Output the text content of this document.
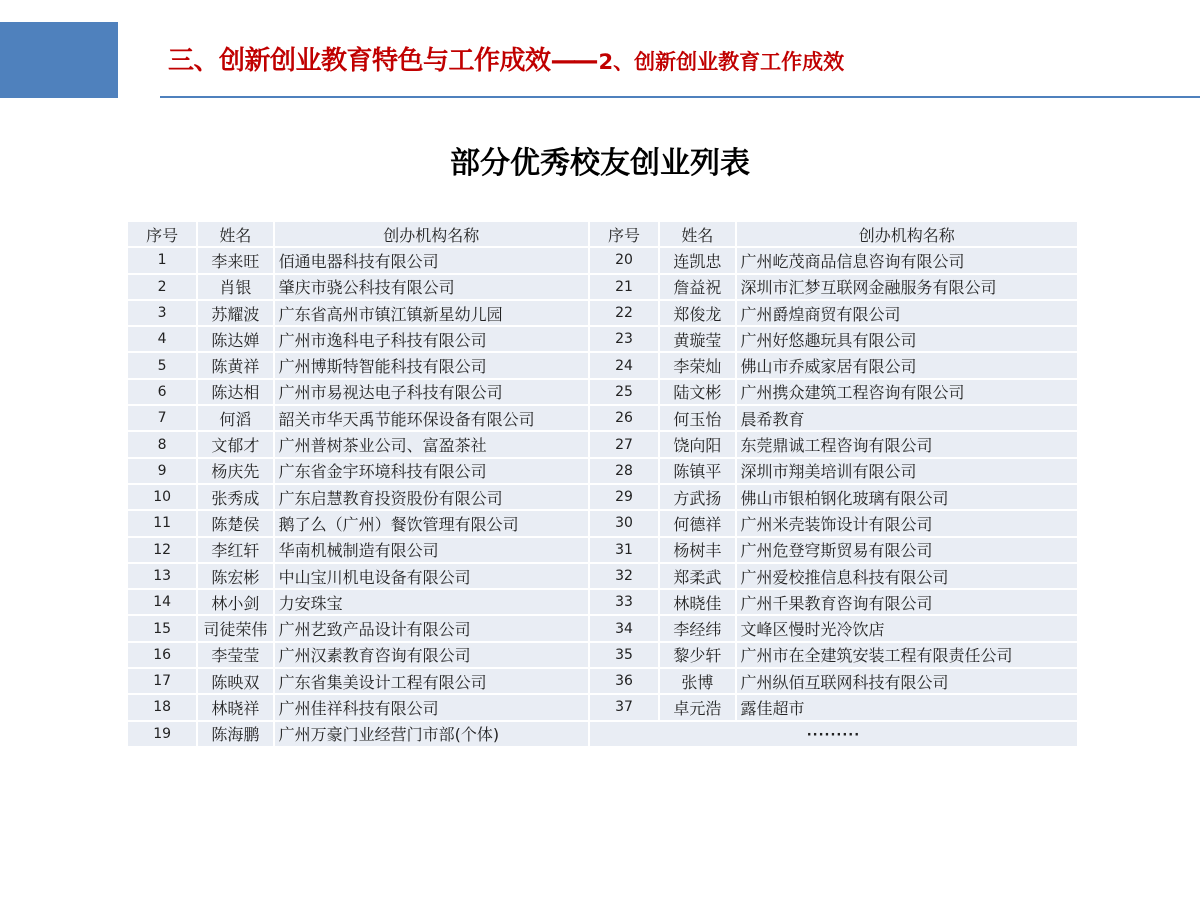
三、创新创业教育特色与工作成效 —— 2、创新创业教育工作成效
部分优秀校友创业列表
序号	姓名	创办机构名称	序号	姓名	创办机构名称
1	李来旺	佰通电器科技有限公司	20	连凯忠	广州屹茂商品信息咨询有限公司
2	肖银	肇庆市骁公科技有限公司	21	詹益祝	深圳市汇梦互联网金融服务有限公司
3	苏耀波	广东省高州市镇江镇新星幼儿园	22	郑俊龙	广州爵煌商贸有限公司
4	陈达婵	广州市逸科电子科技有限公司	23	黄璇莹	广州好悠趣玩具有限公司
5	陈黄祥	广州博斯特智能科技有限公司	24	李荣灿	佛山市乔威家居有限公司
6	陈达相	广州市易视达电子科技有限公司	25	陆文彬	广州携众建筑工程咨询有限公司
7	何滔	韶关市华天禹节能环保设备有限公司	26	何玉怡	晨希教育
8	文郁才	广州普树茶业公司、富盈茶社	27	饶向阳	东莞鼎诚工程咨询有限公司
9	杨庆先	广东省金宇环境科技有限公司	28	陈镇平	深圳市翔美培训有限公司
10	张秀成	广东启慧教育投资股份有限公司	29	方武扬	佛山市银柏钢化玻璃有限公司
11	陈楚侯	鹅了么（广州）餐饮管理有限公司	30	何德祥	广州米壳装饰设计有限公司
12	李红轩	华南机械制造有限公司	31	杨树丰	广州危登穹斯贸易有限公司
13	陈宏彬	中山宝川机电设备有限公司	32	郑柔武	广州爱校推信息科技有限公司
14	林小剑	力安珠宝	33	林晓佳	广州千果教育咨询有限公司
15	司徒荣伟	广州艺致产品设计有限公司	34	李经纬	文峰区慢时光冷饮店
16	李莹莹	广州汉素教育咨询有限公司	35	黎少轩	广州市在全建筑安装工程有限责任公司
17	陈映双	广东省集美设计工程有限公司	36	张博	广州纵佰互联网科技有限公司
18	林晓祥	广州佳祥科技有限公司	37	卓元浩	露佳超市
19	陈海鹏	广州万豪门业经营门市部(个体)	·········		
